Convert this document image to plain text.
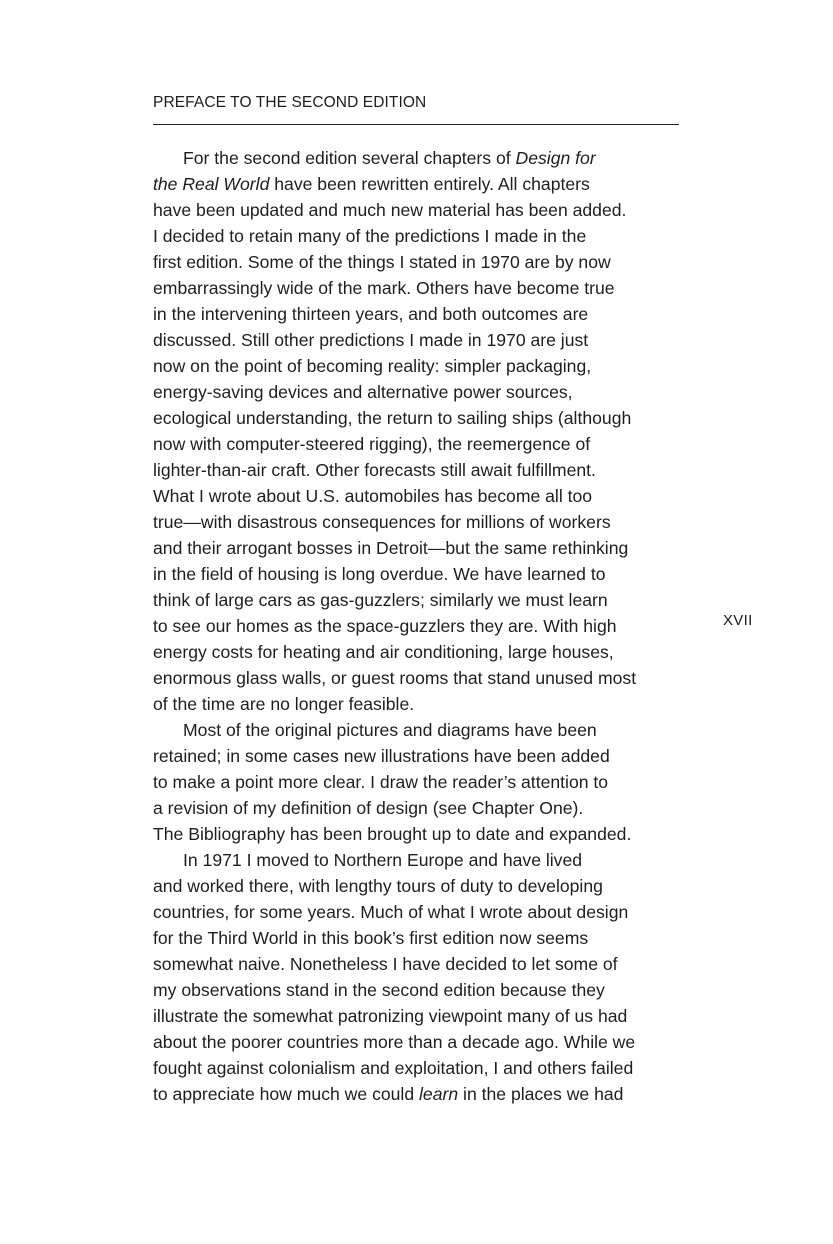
PREFACE TO THE SECOND EDITION
For the second edition several chapters of Design for
the Real World have been rewritten entirely. All chapters
have been updated and much new material has been added.
I decided to retain many of the predictions I made in the
first edition. Some of the things I stated in 1970 are by now
embarrassingly wide of the mark. Others have become true
in the intervening thirteen years, and both outcomes are
discussed. Still other predictions I made in 1970 are just
now on the point of becoming reality: simpler packaging,
energy-saving devices and alternative power sources,
ecological understanding, the return to sailing ships (although
now with computer-steered rigging), the reemergence of
lighter-than-air craft. Other forecasts still await fulfillment.
What I wrote about U.S. automobiles has become all too
true—with disastrous consequences for millions of workers
and their arrogant bosses in Detroit—but the same rethinking
in the field of housing is long overdue. We have learned to
think of large cars as gas-guzzlers; similarly we must learn
to see our homes as the space-guzzlers they are. With high
energy costs for heating and air conditioning, large houses,
enormous glass walls, or guest rooms that stand unused most
of the time are no longer feasible.
Most of the original pictures and diagrams have been
retained; in some cases new illustrations have been added
to make a point more clear. I draw the reader’s attention to
a revision of my definition of design (see Chapter One).
The Bibliography has been brought up to date and expanded.
In 1971 I moved to Northern Europe and have lived
and worked there, with lengthy tours of duty to developing
countries, for some years. Much of what I wrote about design
for the Third World in this book’s first edition now seems
somewhat naive. Nonetheless I have decided to let some of
my observations stand in the second edition because they
illustrate the somewhat patronizing viewpoint many of us had
about the poorer countries more than a decade ago. While we
fought against colonialism and exploitation, I and others failed
to appreciate how much we could learn in the places we had
XVII
